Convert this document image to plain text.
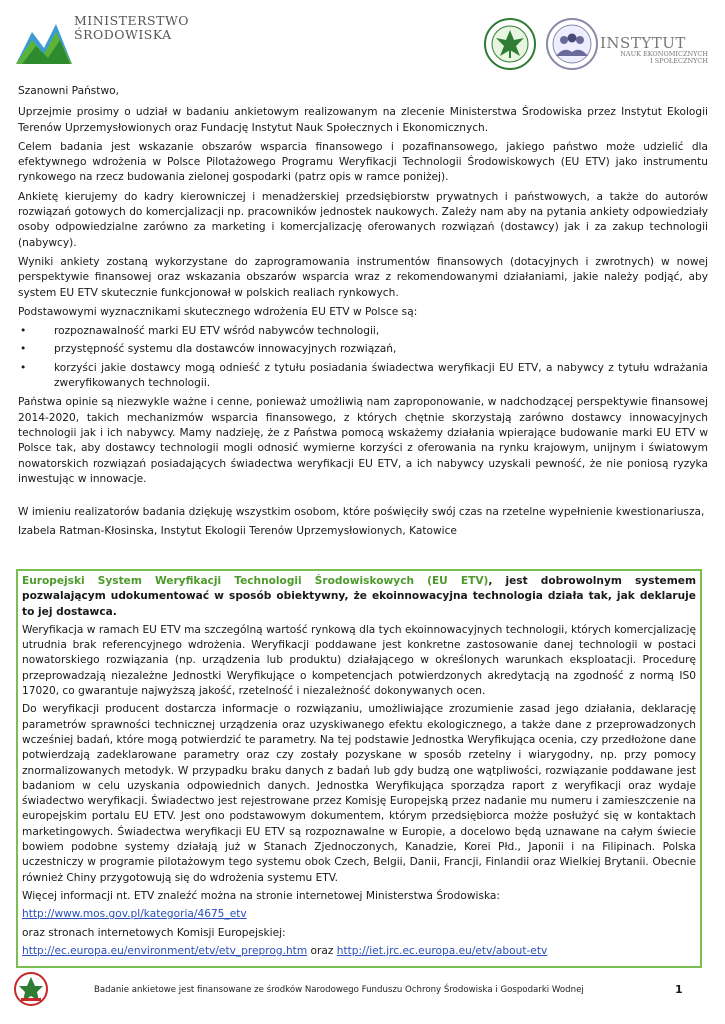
MINISTERSTWO
ŚRODOWISKA	INSTYTUT
NAUK EKONOMICZNYCH
I SPOŁECZNYCH

Szanowni Państwo,

Uprzejmie prosimy o udział w badaniu ankietowym realizowanym na zlecenie Ministerstwa Środowiska przez Instytut Ekologii Terenów Uprzemysłowionych oraz Fundację Instytut Nauk Społecznych i Ekonomicznych.

Celem badania jest wskazanie obszarów wsparcia finansowego i pozafinansowego, jakiego państwo może udzielić dla efektywnego wdrożenia w Polsce Pilotażowego Programu Weryfikacji Technologii Środowiskowych (EU ETV) jako instrumentu rynkowego na rzecz budowania zielonej gospodarki (patrz opis w ramce poniżej).

Ankietę kierujemy do kadry kierowniczej i menadżerskiej przedsiębiorstw prywatnych i państwowych, a także do autorów rozwiązań gotowych do komercjalizacji np. pracowników jednostek naukowych. Zależy nam aby na pytania ankiety odpowiedziały osoby odpowiedzialne zarówno za marketing i komercjalizację oferowanych rozwiązań (dostawcy) jak i za zakup technologii (nabywcy).

Wyniki ankiety zostaną wykorzystane do zaprogramowania instrumentów finansowych (dotacyjnych i zwrotnych) w nowej perspektywie finansowej oraz wskazania obszarów wsparcia wraz z rekomendowanymi działaniami, jakie należy podjąć, aby system EU ETV skutecznie funkcjonował w polskich realiach rynkowych.

Podstawowymi wyznacznikami skutecznego wdrożenia EU ETV w Polsce są:

• rozpoznawalność marki EU ETV wśród nabywców technologii,
• przystępność systemu dla dostawców innowacyjnych rozwiązań,
• korzyści jakie dostawcy mogą odnieść z tytułu posiadania świadectwa weryfikacji EU ETV, a nabywcy z tytułu wdrażania zweryfikowanych technologii.

Państwa opinie są niezwykle ważne i cenne, ponieważ umożliwią nam zaproponowanie, w nadchodzącej perspektywie finansowej 2014-2020, takich mechanizmów wsparcia finansowego, z których chętnie skorzystają zarówno dostawcy innowacyjnych technologii jak i ich nabywcy. Mamy nadzieję, że z Państwa pomocą wskażemy działania wpierające budowanie marki EU ETV w Polsce tak, aby dostawcy technologii mogli odnosić wymierne korzyści z oferowania na rynku krajowym, unijnym i światowym nowatorskich rozwiązań posiadających świadectwa weryfikacji EU ETV, a ich nabywcy uzyskali pewność, że nie poniosą ryzyka inwestując w innowacje.

W imieniu realizatorów badania dziękuję wszystkim osobom, które poświęciły swój czas na rzetelne wypełnienie kwestionariusza,

Izabela Ratman-Kłosinska, Instytut Ekologii Terenów Uprzemysłowionych, Katowice

Europejski System Weryfikacji Technologii Środowiskowych (EU ETV), jest dobrowolnym systemem pozwalającym udokumentować w sposób obiektywny, że ekoinnowacyjna technologia działa tak, jak deklaruje to jej dostawca.

Weryfikacja w ramach EU ETV ma szczególną wartość rynkową dla tych ekoinnowacyjnych technologii, których komercjalizację utrudnia brak referencyjnego wdrożenia. Weryfikacji poddawane jest konkretne zastosowanie danej technologii w postaci nowatorskiego rozwiązania (np. urządzenia lub produktu) działającego w określonych warunkach eksploatacji. Procedurę przeprowadzają niezależne Jednostki Weryfikujące o kompetencjach potwierdzonych akredytacją na zgodność z normą IS0 17020, co gwarantuje najwyższą jakość, rzetelność i niezależność dokonywanych ocen.

Do weryfikacji producent dostarcza informacje o rozwiązaniu, umożliwiające zrozumienie zasad jego działania, deklarację parametrów sprawności technicznej urządzenia oraz uzyskiwanego efektu ekologicznego, a także dane z przeprowadzonych wcześniej badań, które mogą potwierdzić te parametry. Na tej podstawie Jednostka Weryfikująca ocenia, czy przedłożone dane potwierdzają zadeklarowane parametry oraz czy zostały pozyskane w sposób rzetelny i wiarygodny, np. przy pomocy znormalizowanych metodyk. W przypadku braku danych z badań lub gdy budzą one wątpliwości, rozwiązanie poddawane jest badaniom w celu uzyskania odpowiednich danych. Jednostka Weryfikująca sporządza raport z weryfikacji oraz wydaje świadectwo weryfikacji. Świadectwo jest rejestrowane przez Komisję Europejską przez nadanie mu numeru i zamieszczenie na europejskim portalu EU ETV. Jest ono podstawowym dokumentem, którym przedsiębiorca możże posłużyć się w kontaktach marketingowych. Świadectwa weryfikacji EU ETV są rozpoznawalne w Europie, a docelowo będą uznawane na całym świecie bowiem podobne systemy działają już w Stanach Zjednoczonych, Kanadzie, Korei Płd., Japonii i na Filipinach. Polska uczestniczy w programie pilotażowym tego systemu obok Czech, Belgii, Danii, Francji, Finlandii oraz Wielkiej Brytanii. Obecnie również Chiny przygotowują się do wdrożenia systemu ETV.

Więcej informacji nt. ETV znaleźć można na stronie internetowej Ministerstwa Środowiska:

http://www.mos.gov.pl/kategoria/4675_etv

oraz stronach internetowych Komisji Europejskiej:

http://ec.europa.eu/environment/etv/etv_preprog.htm oraz http://iet.jrc.ec.europa.eu/etv/about-etv

Badanie ankietowe jest finansowane ze środków Narodowego Funduszu Ochrony Środowiska i Gospodarki Wodnej	1
